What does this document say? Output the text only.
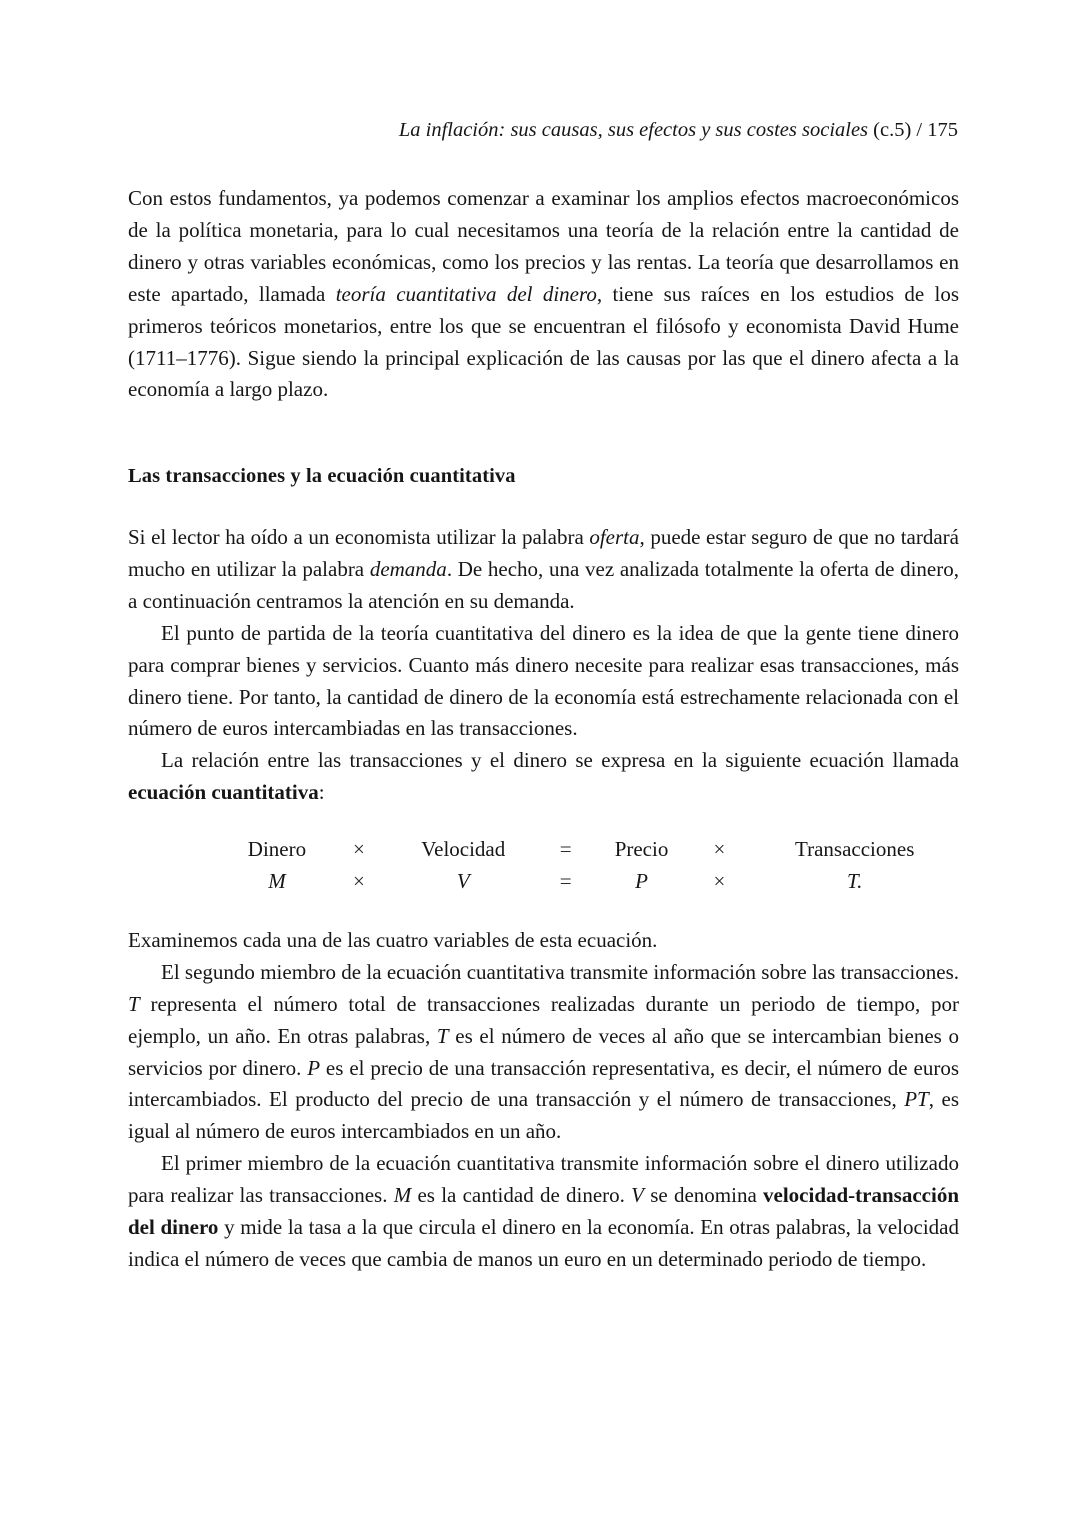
La inflación: sus causas, sus efectos y sus costes sociales (c.5) / 175

Con estos fundamentos, ya podemos comenzar a examinar los amplios efectos macroeconómicos de la política monetaria, para lo cual necesitamos una teoría de la relación entre la cantidad de dinero y otras variables económicas, como los precios y las rentas. La teoría que desarrollamos en este apartado, llamada teoría cuantitativa del dinero, tiene sus raíces en los estudios de los primeros teóricos monetarios, entre los que se encuentran el filósofo y economista David Hume (1711–1776). Sigue siendo la principal explicación de las causas por las que el dinero afecta a la economía a largo plazo.

Las transacciones y la ecuación cuantitativa

Si el lector ha oído a un economista utilizar la palabra oferta, puede estar seguro de que no tardará mucho en utilizar la palabra demanda. De hecho, una vez analizada totalmente la oferta de dinero, a continuación centramos la atención en su demanda.

El punto de partida de la teoría cuantitativa del dinero es la idea de que la gente tiene dinero para comprar bienes y servicios. Cuanto más dinero necesite para realizar esas transacciones, más dinero tiene. Por tanto, la cantidad de dinero de la economía está estrechamente relacionada con el número de euros intercambiadas en las transacciones.

La relación entre las transacciones y el dinero se expresa en la siguiente ecuación llamada ecuación cuantitativa:

	Dinero	×	Velocidad	=	Precio	×	Transacciones
	M	×	V	=	P	×	T.

Examinemos cada una de las cuatro variables de esta ecuación.

El segundo miembro de la ecuación cuantitativa transmite información sobre las transacciones. T representa el número total de transacciones realizadas durante un periodo de tiempo, por ejemplo, un año. En otras palabras, T es el número de veces al año que se intercambian bienes o servicios por dinero. P es el precio de una transacción representativa, es decir, el número de euros intercambiados. El producto del precio de una transacción y el número de transacciones, PT, es igual al número de euros intercambiados en un año.

El primer miembro de la ecuación cuantitativa transmite información sobre el dinero utilizado para realizar las transacciones. M es la cantidad de dinero. V se denomina velocidad-transacción del dinero y mide la tasa a la que circula el dinero en la economía. En otras palabras, la velocidad indica el número de veces que cambia de manos un euro en un determinado periodo de tiempo.
